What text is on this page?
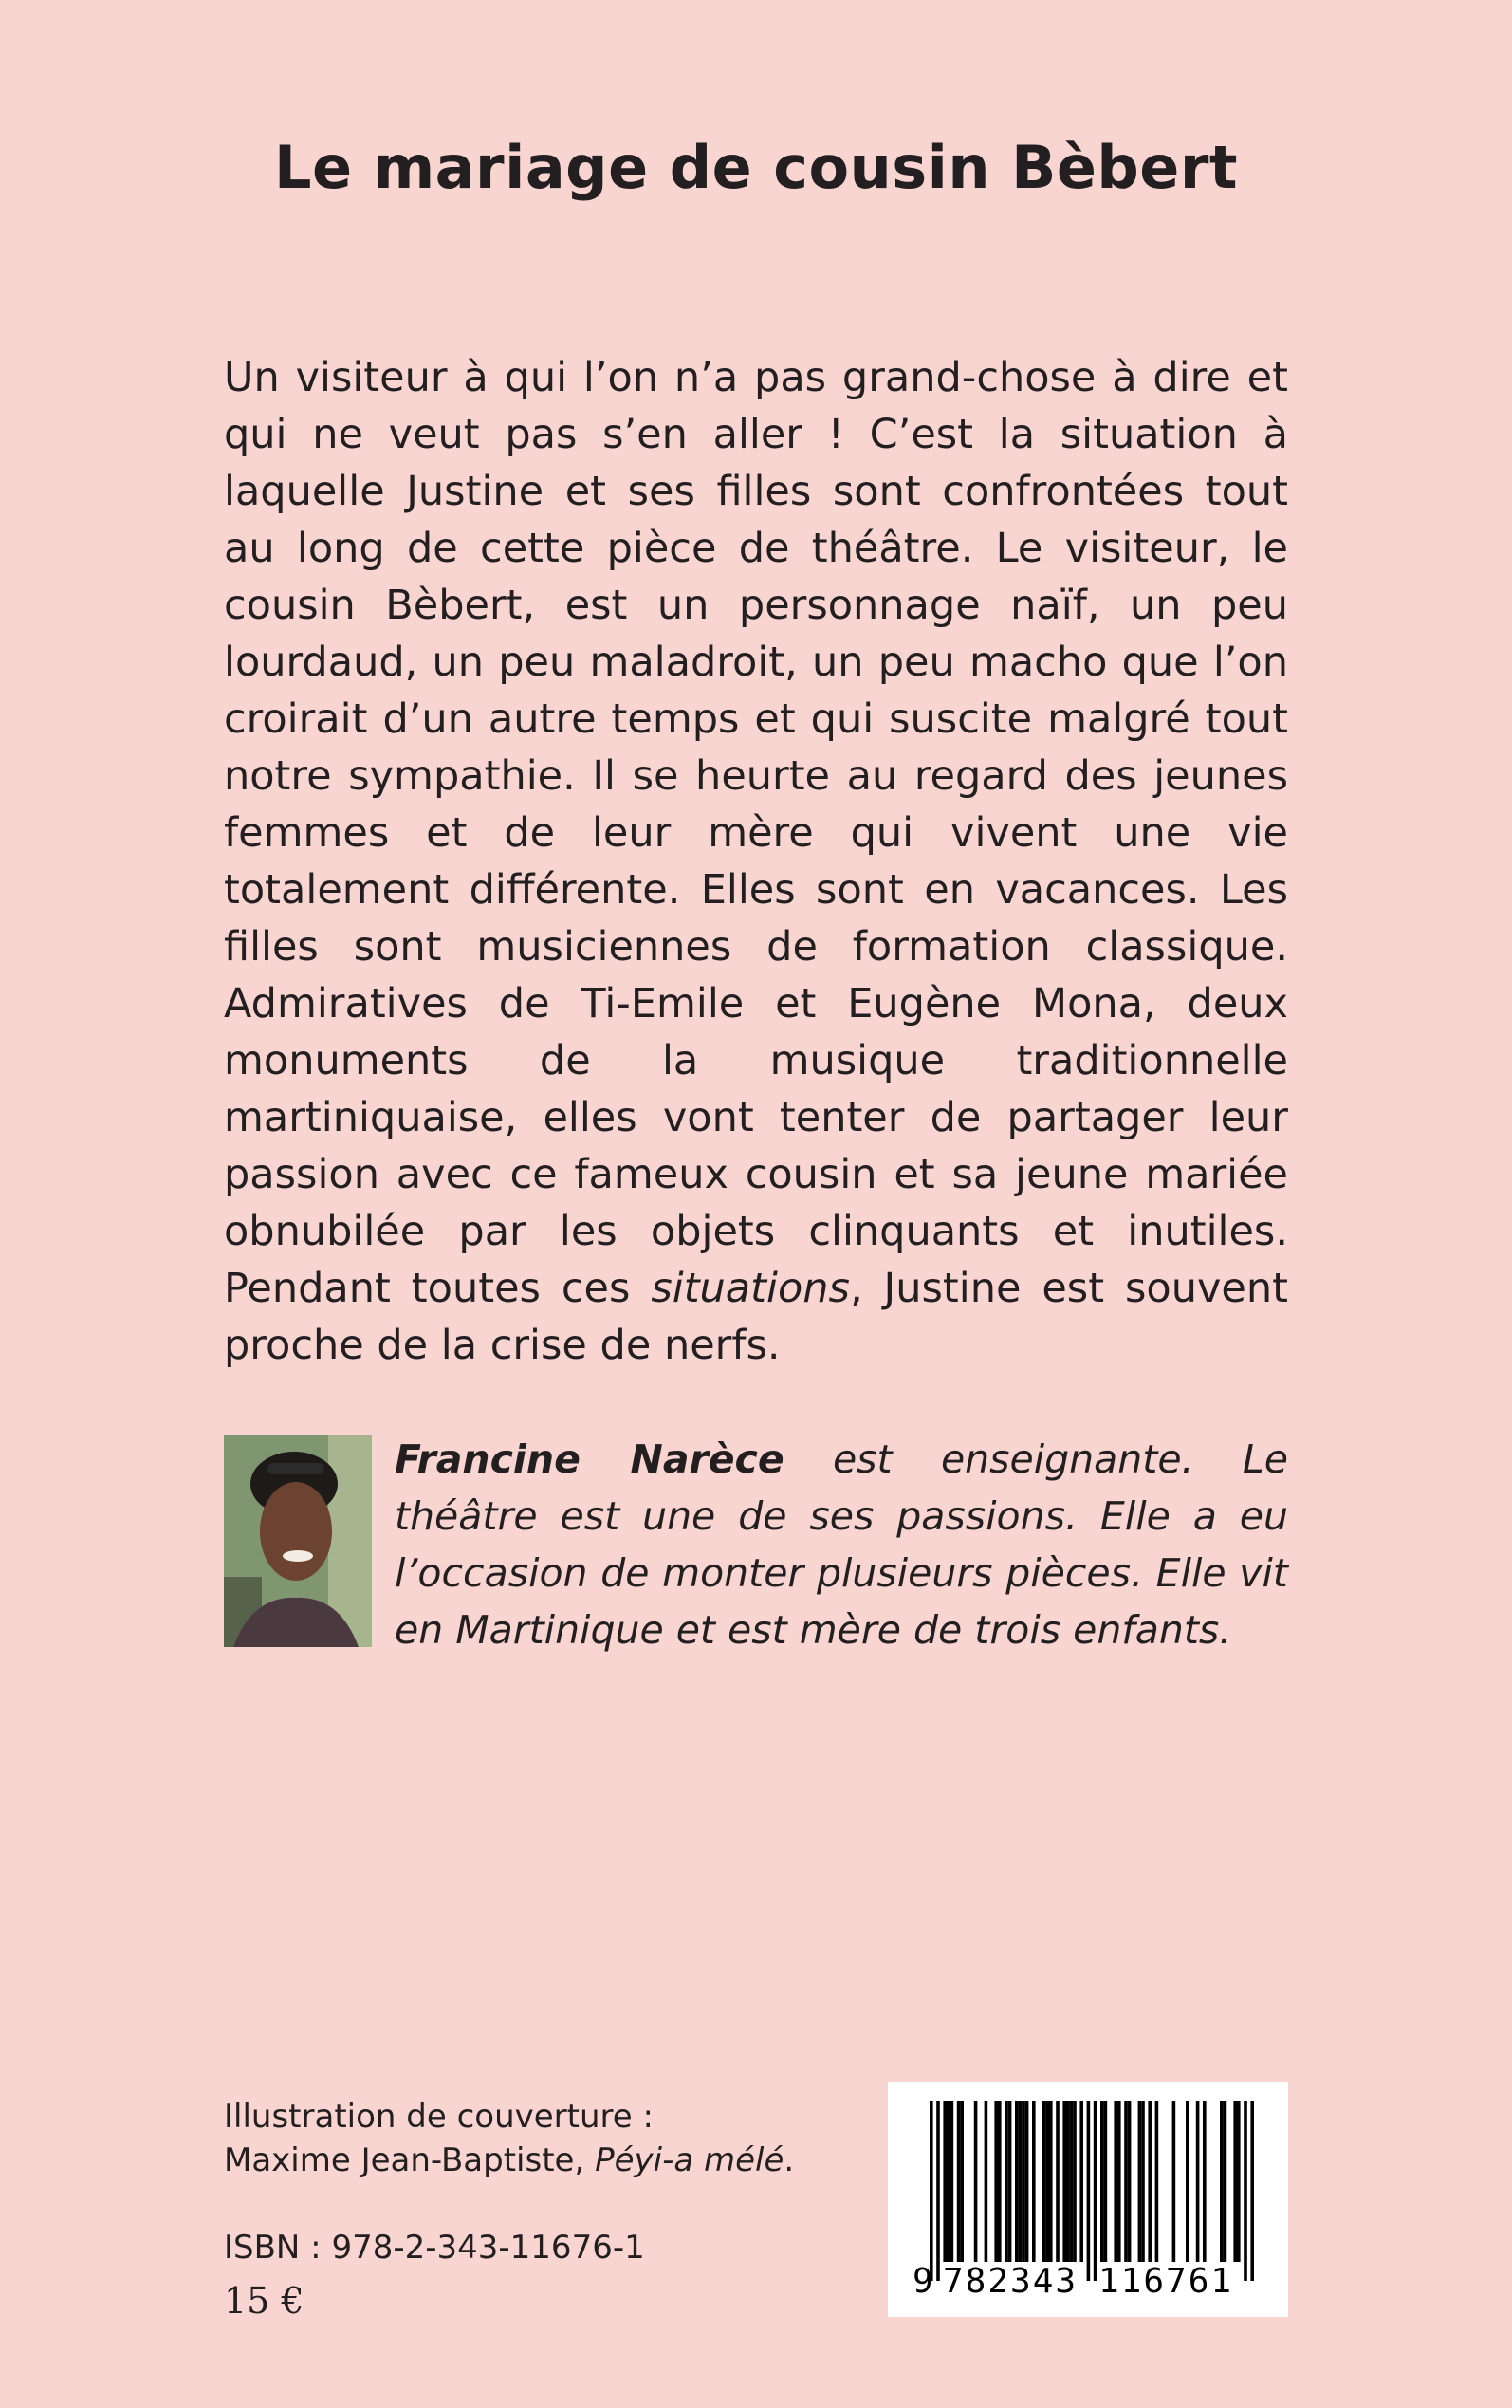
Le mariage de cousin Bèbert

Un visiteur à qui l’on n’a pas grand-chose à dire et qui ne veut pas s’en aller ! C’est la situation à laquelle Justine et ses filles sont confrontées tout au long de cette pièce de théâtre. Le visiteur, le cousin Bèbert, est un personnage naïf, un peu lourdaud, un peu maladroit, un peu macho que l’on croirait d’un autre temps et qui suscite malgré tout notre sympathie. Il se heurte au regard des jeunes femmes et de leur mère qui vivent une vie totalement différente. Elles sont en vacances. Les filles sont musiciennes de formation classique. Admiratives de Ti-Emile et Eugène Mona, deux monuments de la musique traditionnelle martiniquaise, elles vont tenter de partager leur passion avec ce fameux cousin et sa jeune mariée obnubilée par les objets clinquants et inutiles. Pendant toutes ces situations, Justine est souvent proche de la crise de nerfs.

Francine Narèce est enseignante. Le théâtre est une de ses passions. Elle a eu l’occasion de monter plusieurs pièces. Elle vit en Martinique et est mère de trois enfants.

Illustration de couverture :
Maxime Jean-Baptiste, Péyi-a mélé.

ISBN : 978-2-343-11676-1
15 €	9 782343 116761
